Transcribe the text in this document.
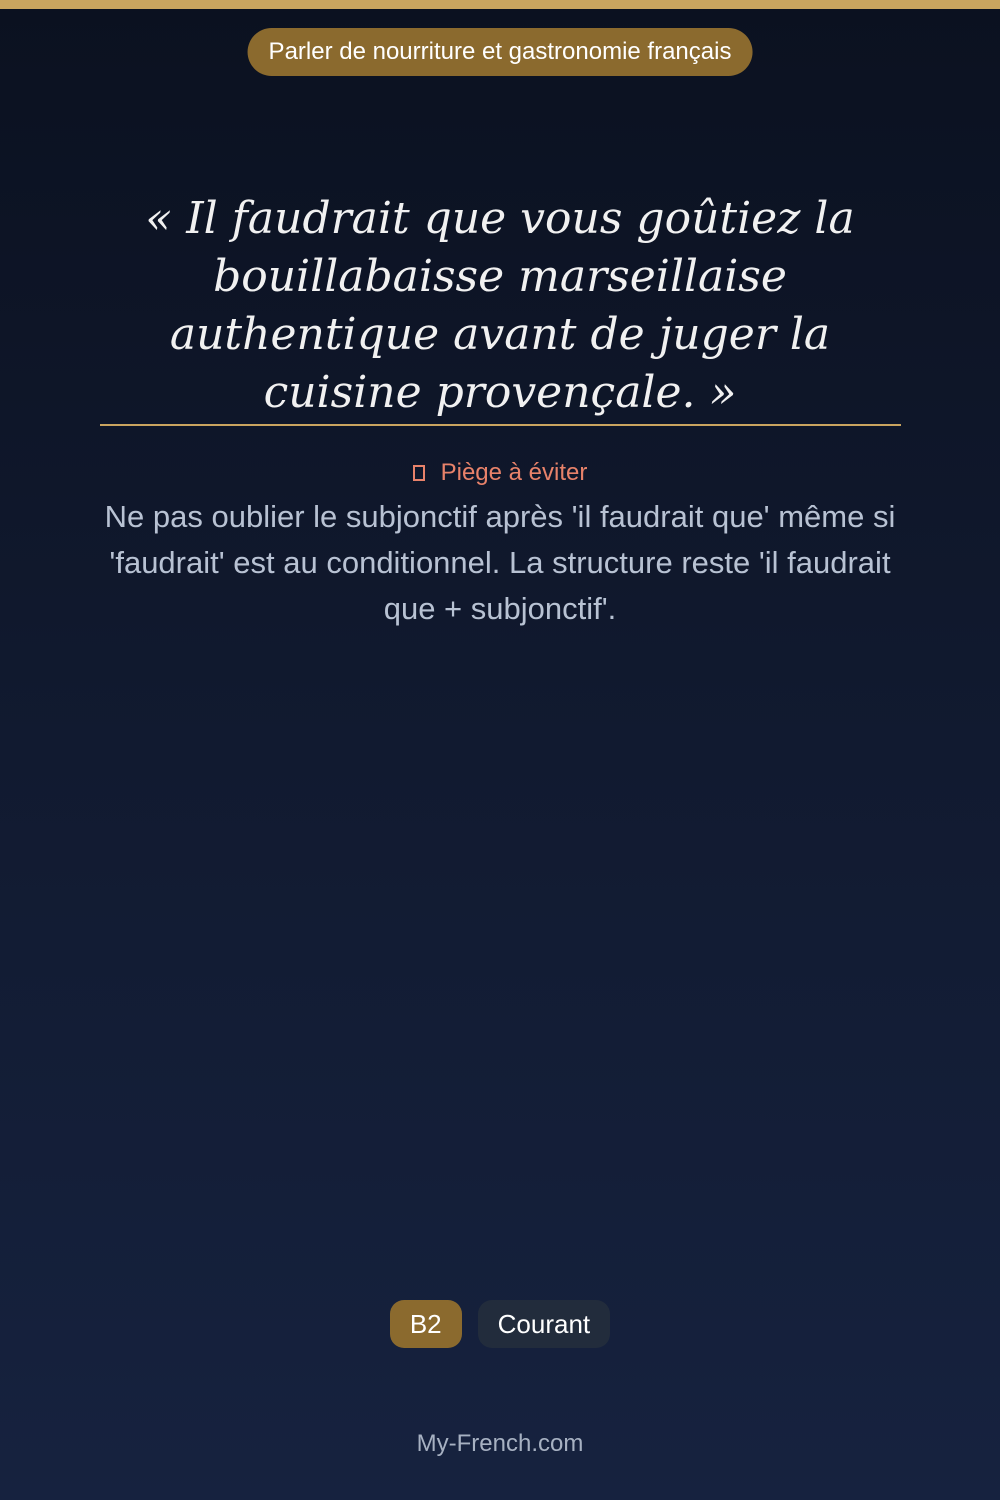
Parler de nourriture et gastronomie français

« Il faudrait que vous goûtiez la bouillabaisse marseillaise authentique avant de juger la cuisine provençale. »

Piège à éviter

Ne pas oublier le subjonctif après 'il faudrait que' même si 'faudrait' est au conditionnel. La structure reste 'il faudrait que + subjonctif'.

B2	Courant
My-French.com
